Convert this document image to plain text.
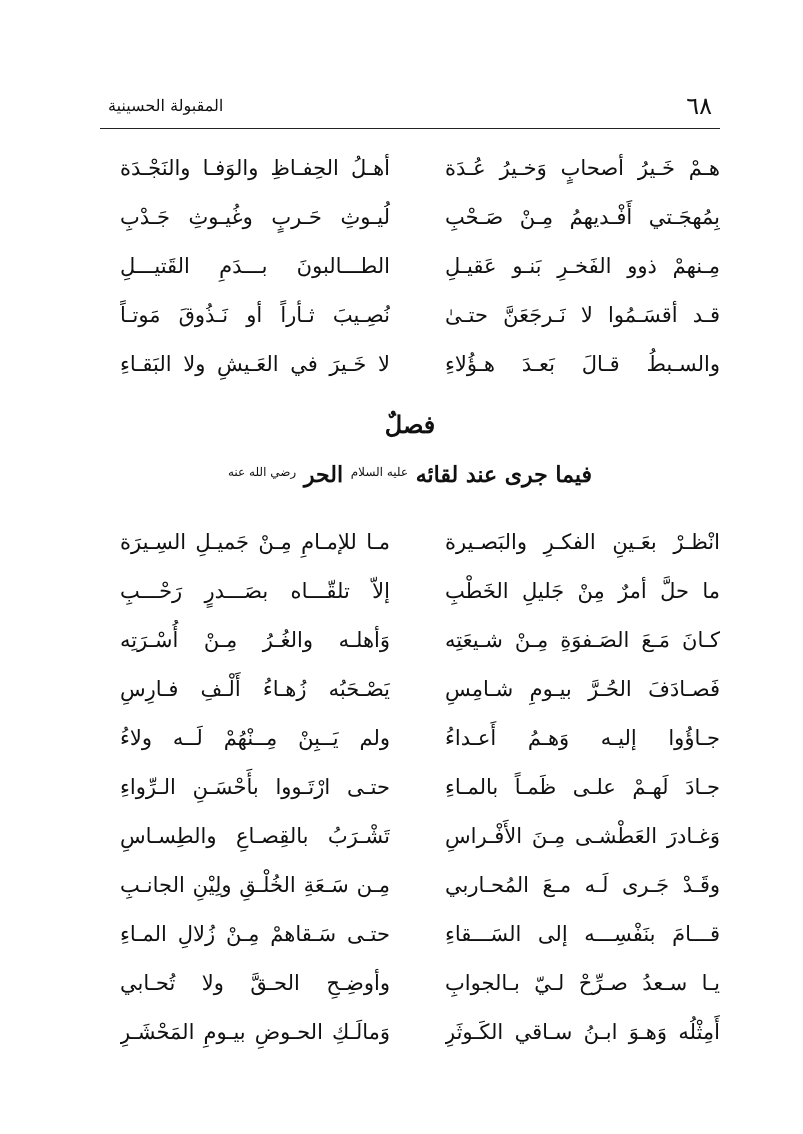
٦٨
المقبولة الحسينية
هـمْ خَـيرُ أصحابٍ وَخـيرُ عُـدَة
أهـلُ الحِفـاظِ والوَفـا والنَجْـدَة
بِمُهجَـتي أَفْـديهمُ مِـنْ صَـحْبِ
لُيـوثِ حَـربٍ وغُيـوثِ جَـدْبِ
مِـنهمْ ذوو الفَخـرِ بَنـو عَقيـلِ
الطـــالبونَ بـــدَمِ القَتيـــلِ
قـد أقسَـمُوا لا نَـرجَعَنَّ حتـىٰ
نُصِـيبَ ثـأراً أو نَـذُوقَ مَوتـاً
والسـبطُ قـالَ بَعـدَ هـؤُلاءِ
لا خَـيرَ في العَـيشِ ولا البَقـاءِ
فصلٌ
فيما جرى عند لقائه $^{عليه السلام}$ الحر $^{رضي الله عنه}$
انْظـرْ بعَـينِ الفكـرِ والبَصـيرة
مـا للإمـامِ مِـنْ جَميـلِ السِـيرَة
ما حلَّ أمرٌ مِنْ جَليلِ الخَطْبِ
إلاّ تلقّـــاه بصَـــدرٍ رَحْـــبِ
كـانَ مَـعَ الصَـفوَةِ مِـنْ شـيعَتِه
وَأهلـه والغُـرُ مِـنْ أُسْـرَتِه
فَصـادَفَ الحُـرَّ بيـومِ شـامِسِ
يَصْـحَبُه زُهـاءُ أَلْـفِ فـارِسِ
جـاؤُوا إليـه وَهـمُ أَعـداءُ
ولم يَــبِنْ مِــنْهُمْ لَــه ولاءُ
جـادَ لَهـمْ علـى ظَمـاً بالمـاءِ
حتـى ارْتَـووا بأَحْسَـنِ الـرِّواءِ
وَغـادرَ العَطْشـى مِـنَ الأَفْـراسِ
تَشْـرَبُ بالقِصـاعِ والطِسـاسِ
وقَـدْ جَـرى لَـه مـعَ المُحـاربي
مِـن سَـعَةِ الخُلْـقِ ولِيْنِ الجانـبِ
قـــامَ بنَفْسِـــه إلى السَـــقاءِ
حتـى سَـقاهمْ مِـنْ زُلالِ المـاءِ
يـا سـعدُ صـرِّحْ لـيّ بـالجوابِ
وأوضِـحِ الحـقَّ ولا تُحـابي
أَمِثْلُه وَهـوَ ابـنُ سـاقي الكَـوثَرِ
وَمالَـكِ الحـوضِ بيـومِ المَحْشَـرِ
